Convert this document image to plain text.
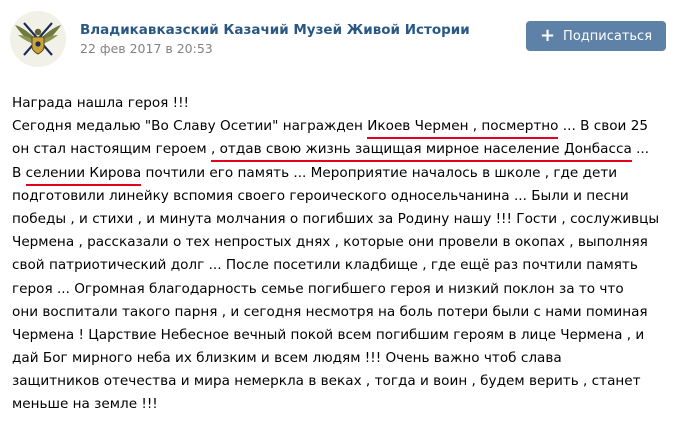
Владикавказский Казачий Музей Живой Истории
22 фев 2017 в 20:53
+ Подписаться
Награда нашла героя !!!
Сегодня медалью "Во Славу Осетии" награжден Икоев Чермен , посмертно ... В свои 25
он стал настоящим героем , отдав свою жизнь защищая мирное население Донбасса ...
В селении Кирова почтили его память ... Мероприятие началось в школе , где дети
подготовили линейку вспомия своего героического односельчанина ... Были и песни
победы , и стихи , и минута молчания о погибших за Родину нашу !!! Гости , сослуживцы
Чермена , рассказали о тех непростых днях , которые они провели в окопах , выполняя
свой патриотический долг ... После посетили кладбище , где ещё раз почтили память
героя ... Огромная благодарность семье погибшего героя и низкий поклон за то что
они воспитали такого парня , и сегодня несмотря на боль потери были с нами поминая
Чермена ! Царствие Небесное вечный покой всем погибшим героям в лице Чермена , и
дай Бог мирного неба их близким и всем людям !!! Очень важно чтоб слава
защитников отечества и мира немеркла в веках , тогда и воин , будем верить , станет
меньше на земле !!!
